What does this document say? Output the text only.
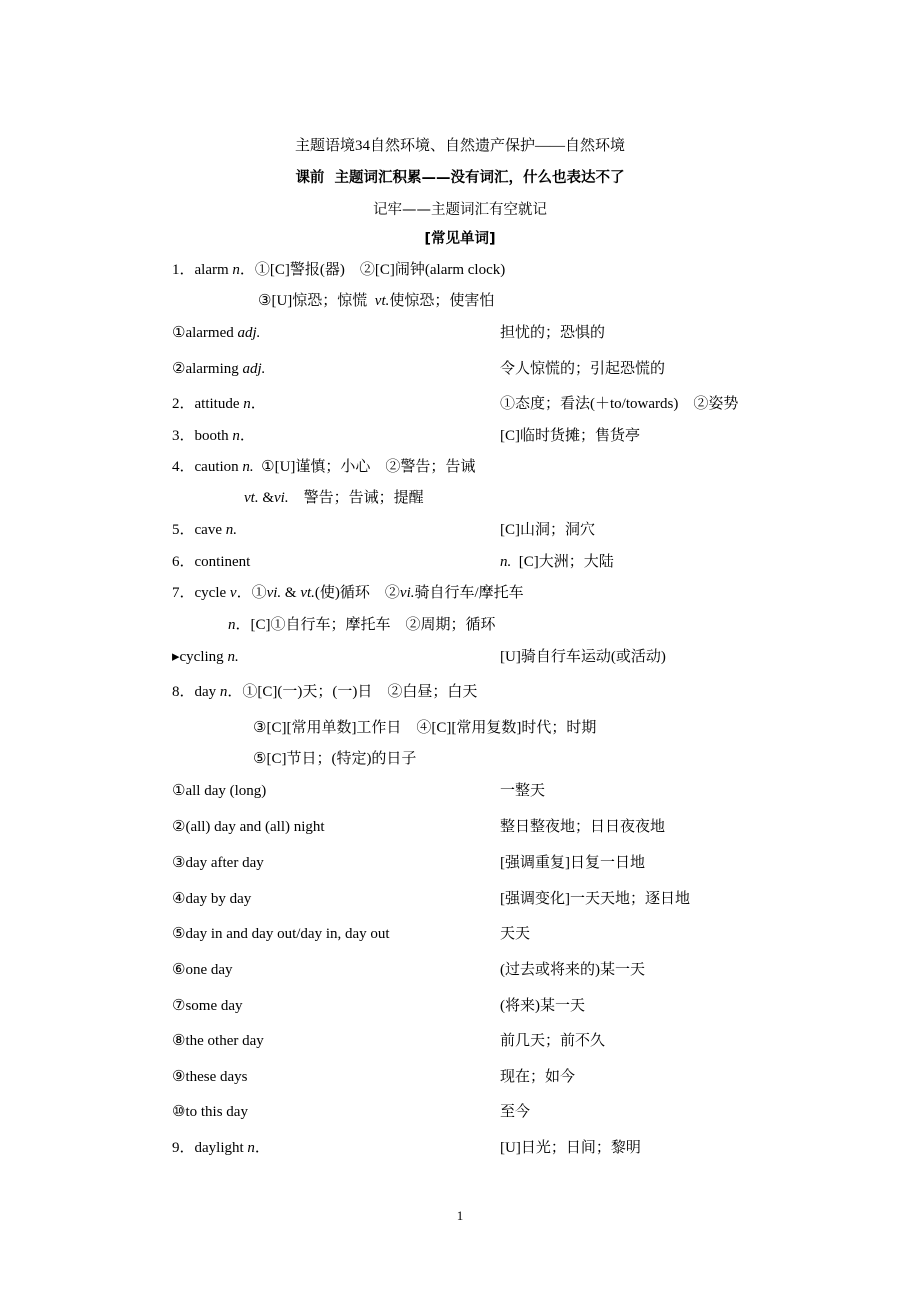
主题语境34自然环境、自然遗产保护——自然环境
课前  主题词汇积累——没有词汇，什么也表达不了
记牢——主题词汇有空就记
[常见单词]
1．alarm n．①[C]警报(器)　②[C]闹钟(alarm clock)
③[U]惊恐；惊慌  vt.使惊恐；使害怕
①alarmed adj.	担忧的；恐惧的
②alarming adj.	令人惊慌的；引起恐慌的
2．attitude n．	①态度；看法(＋to/towards)　②姿势
3．booth n．	[C]临时货摊；售货亭
4．caution n.  ①[U]谨慎；小心　②警告；告诫
vt. &vi.　警告；告诫；提醒
5．cave n.	[C]山洞；洞穴
6．continent	n.  [C]大洲；大陆
7．cycle v．①vi. & vt.(使)循环　②vi.骑自行车/摩托车
n．[C]①自行车；摩托车　②周期；循环
▸cycling n.	[U]骑自行车运动(或活动)
8．day n．①[C](一)天；(一)日　②白昼；白天
③[C][常用单数]工作日　④[C][常用复数]时代；时期
⑤[C]节日；(特定)的日子
①all day (long)	一整天
②(all) day and (all) night	整日整夜地；日日夜夜地
③day after day	[强调重复]日复一日地
④day by day	[强调变化]一天天地；逐日地
⑤day in and day out/day in, day out	天天
⑥one day	(过去或将来的)某一天
⑦some day	(将来)某一天
⑧the other day	前几天；前不久
⑨these days	现在；如今
⑩to this day	至今
9．daylight n．	[U]日光；日间；黎明
1
